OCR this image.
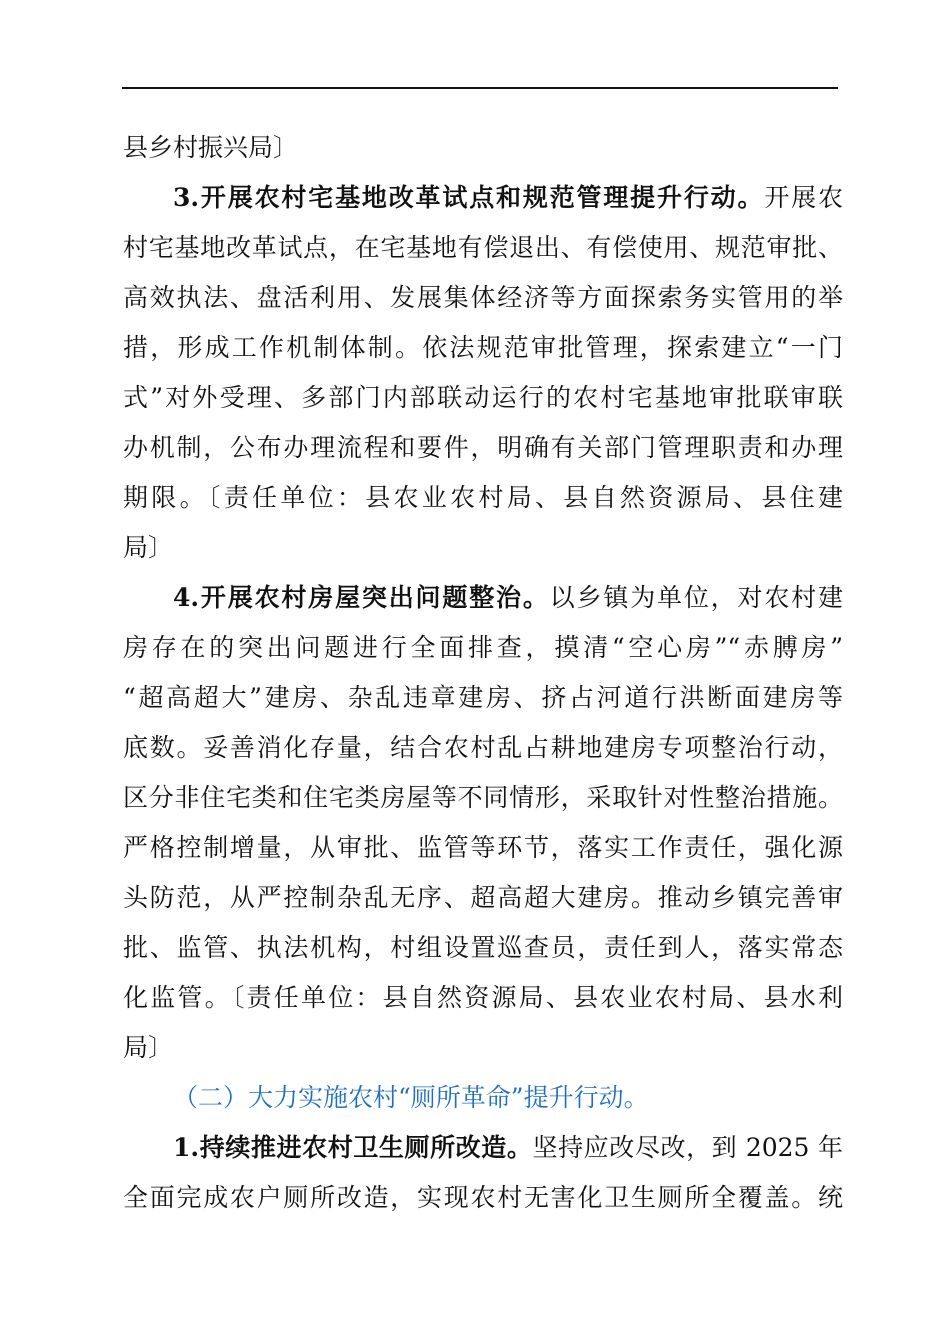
县乡村振兴局〕
3.开展农村宅基地改革试点和规范管理提升行动。开展农
村宅基地改革试点，在宅基地有偿退出、有偿使用、规范审批、
高效执法、盘活利用、发展集体经济等方面探索务实管用的举
措，形成工作机制体制。依法规范审批管理，探索建立“一门
式”对外受理、多部门内部联动运行的农村宅基地审批联审联
办机制，公布办理流程和要件，明确有关部门管理职责和办理
期限。〔责任单位：县农业农村局、县自然资源局、县住建
局〕
4.开展农村房屋突出问题整治。以乡镇为单位，对农村建
房存在的突出问题进行全面排查，摸清“空心房”“赤膊房”
“超高超大”建房、杂乱违章建房、挤占河道行洪断面建房等
底数。妥善消化存量，结合农村乱占耕地建房专项整治行动，
区分非住宅类和住宅类房屋等不同情形，采取针对性整治措施。
严格控制增量，从审批、监管等环节，落实工作责任，强化源
头防范，从严控制杂乱无序、超高超大建房。推动乡镇完善审
批、监管、执法机构，村组设置巡查员，责任到人，落实常态
化监管。〔责任单位：县自然资源局、县农业农村局、县水利
局〕
（二）大力实施农村“厕所革命”提升行动。
1.持续推进农村卫生厕所改造。坚持应改尽改，到 2025 年
全面完成农户厕所改造，实现农村无害化卫生厕所全覆盖。统
